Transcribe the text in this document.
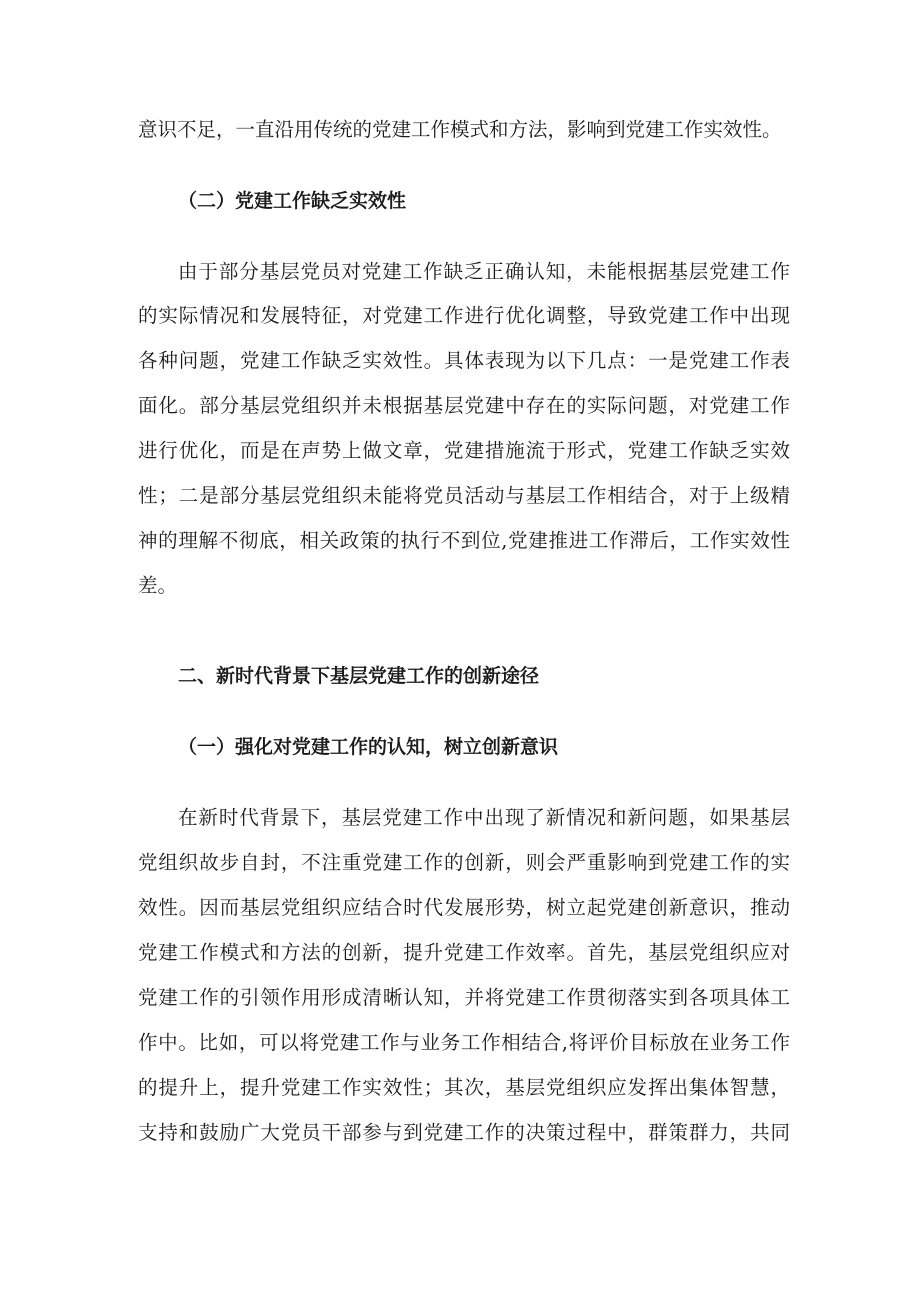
意识不足，一直沿用传统的党建工作模式和方法，影响到党建工作实效性。
（二）党建工作缺乏实效性
由于部分基层党员对党建工作缺乏正确认知，未能根据基层党建工作
的实际情况和发展特征，对党建工作进行优化调整，导致党建工作中出现
各种问题，党建工作缺乏实效性。具体表现为以下几点：一是党建工作表
面化。部分基层党组织并未根据基层党建中存在的实际问题，对党建工作
进行优化，而是在声势上做文章，党建措施流于形式，党建工作缺乏实效
性；二是部分基层党组织未能将党员活动与基层工作相结合，对于上级精
神的理解不彻底，相关政策的执行不到位,党建推进工作滞后，工作实效性
差。
二、新时代背景下基层党建工作的创新途径
（一）强化对党建工作的认知，树立创新意识
在新时代背景下，基层党建工作中出现了新情况和新问题，如果基层
党组织故步自封，不注重党建工作的创新，则会严重影响到党建工作的实
效性。因而基层党组织应结合时代发展形势，树立起党建创新意识，推动
党建工作模式和方法的创新，提升党建工作效率。首先，基层党组织应对
党建工作的引领作用形成清晰认知，并将党建工作贯彻落实到各项具体工
作中。比如，可以将党建工作与业务工作相结合,将评价目标放在业务工作
的提升上，提升党建工作实效性；其次，基层党组织应发挥出集体智慧，
支持和鼓励广大党员干部参与到党建工作的决策过程中，群策群力，共同
